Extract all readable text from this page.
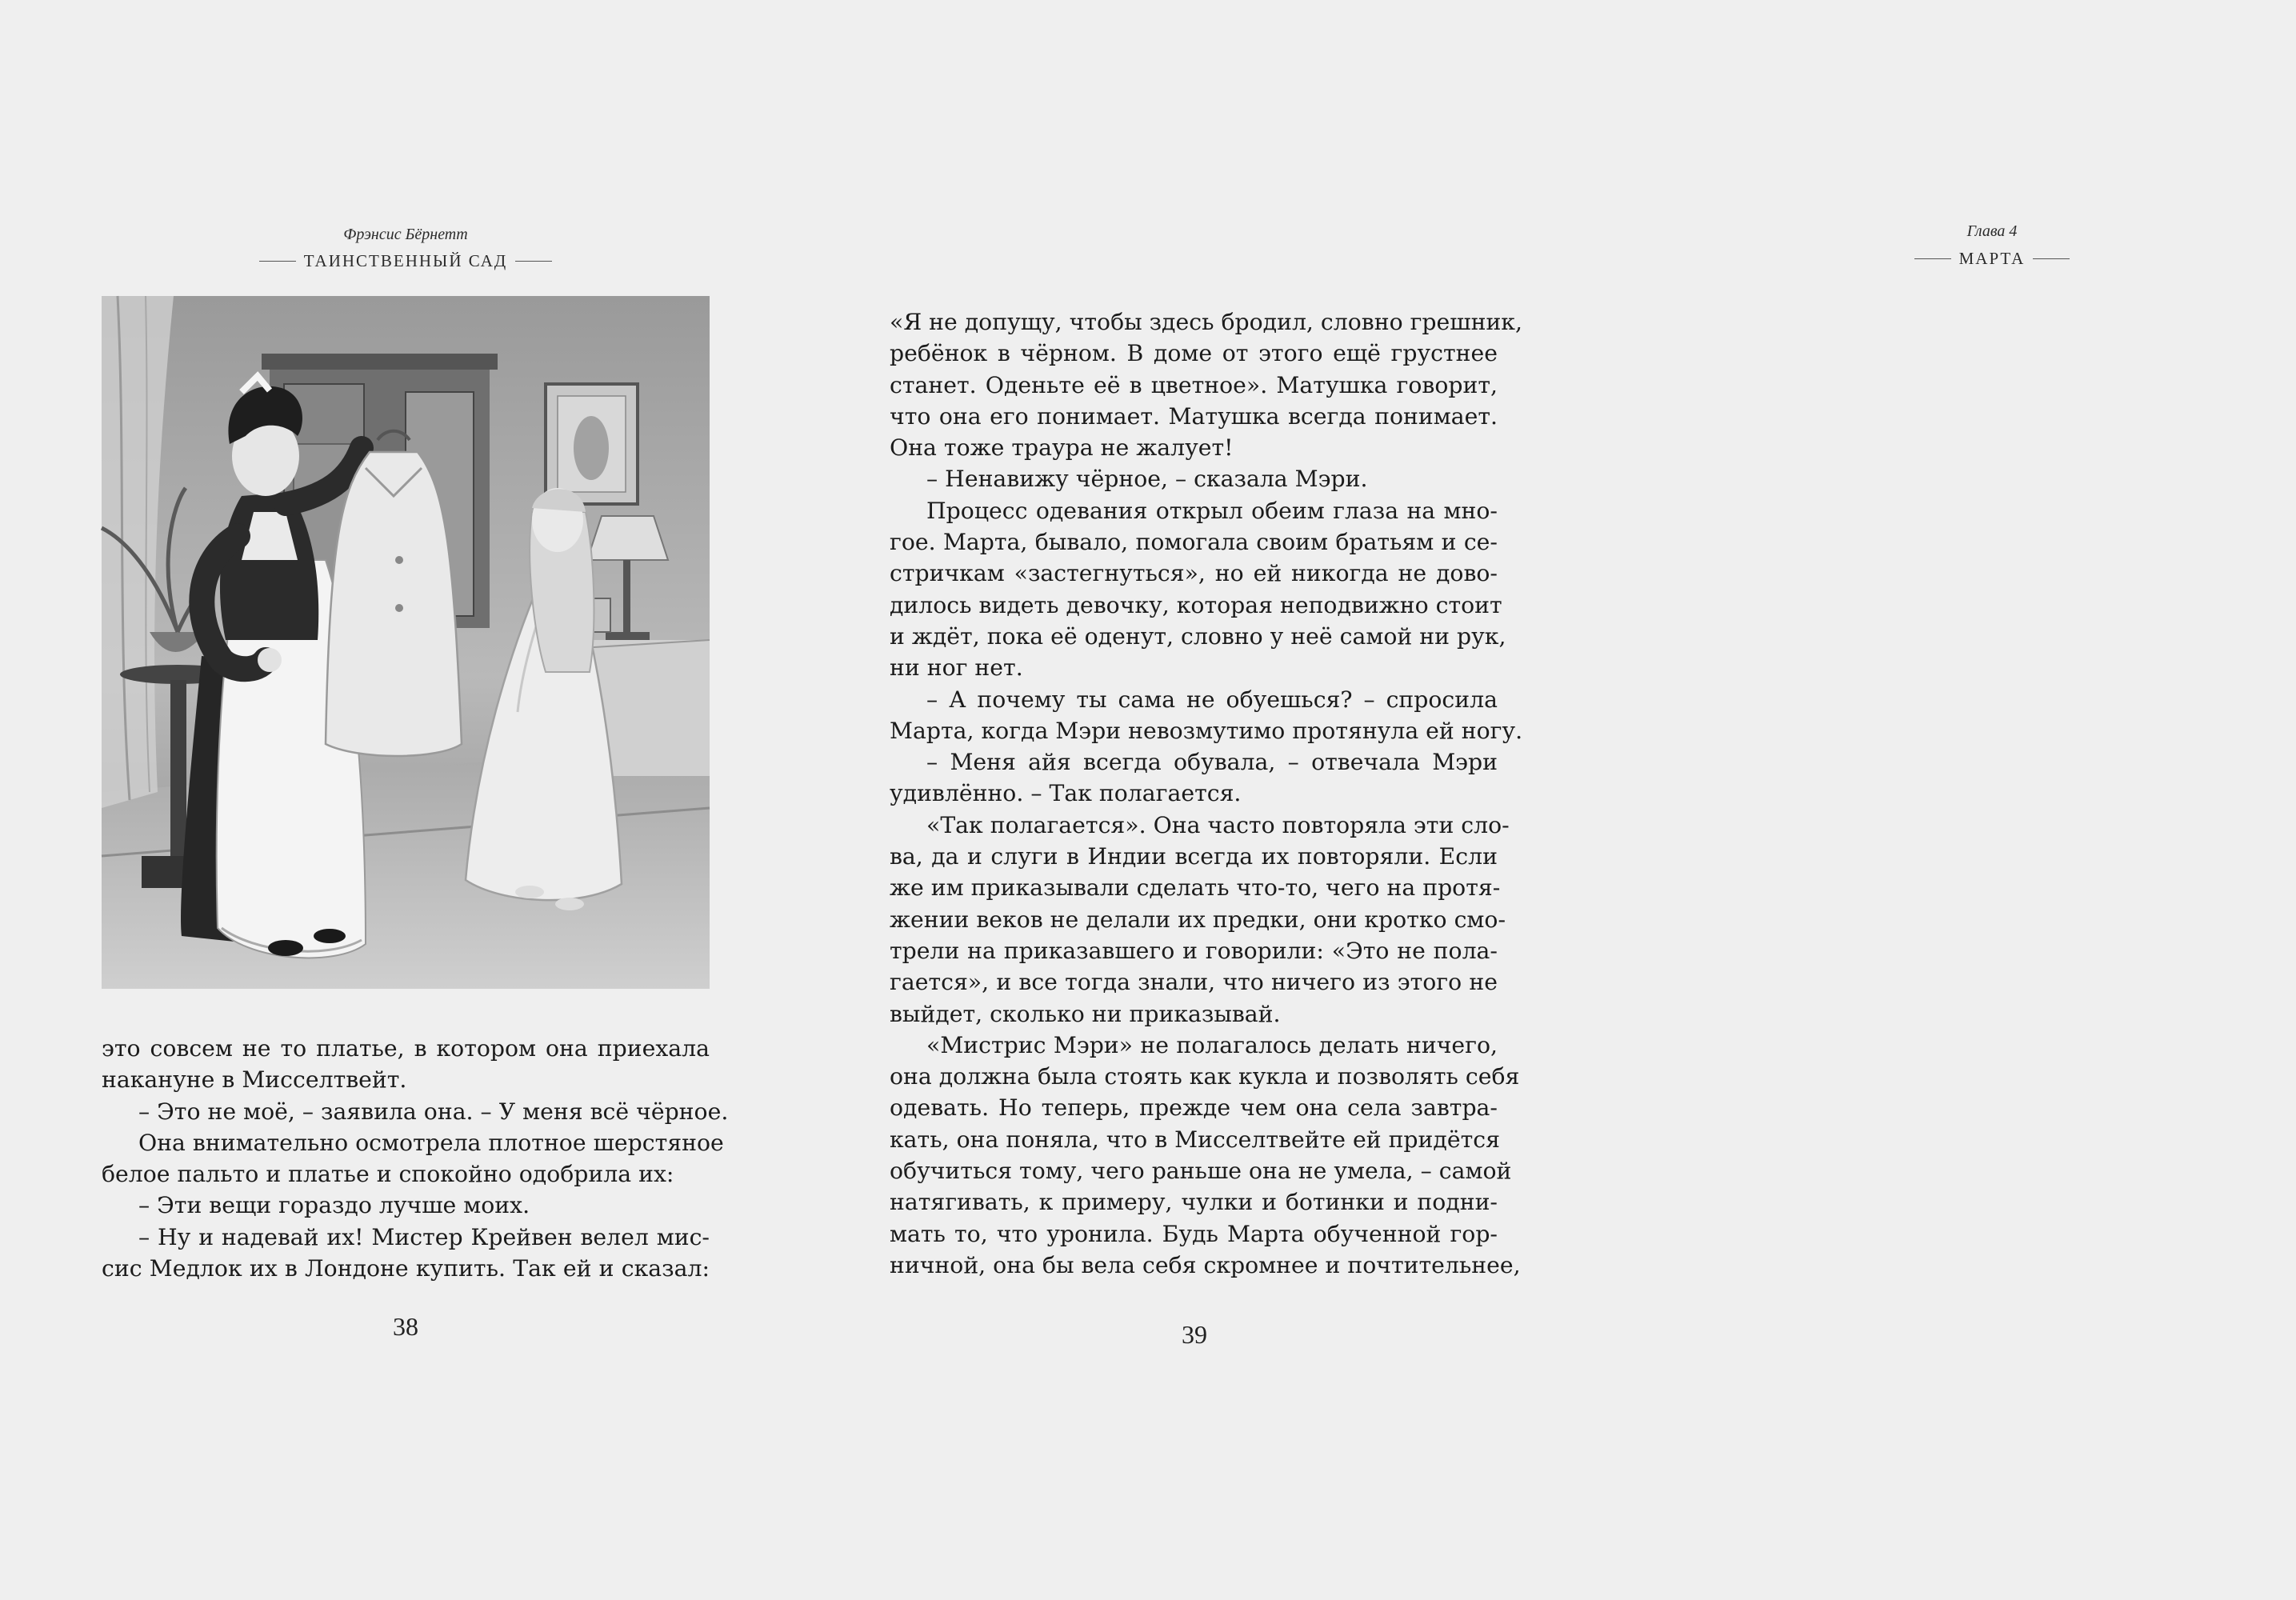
Фрэнсис Бёрнетт
ТАИНСТВЕННЫЙ САД
это совсем не то платье, в котором она приехала
накануне в Мисселтвейт.
– Это не моё, – заявила она. – У меня всё чёрное.
Она внимательно осмотрела плотное шерстяное
белое пальто и платье и спокойно одобрила их:
– Эти вещи гораздо лучше моих.
– Ну и надевай их! Мистер Крейвен велел мис-
сис Медлок их в Лондоне купить. Так ей и сказал:
38
Глава 4
МАРТА
«Я не допущу, чтобы здесь бродил, словно грешник,
ребёнок в чёрном. В доме от этого ещё грустнее
станет. Оденьте её в цветное». Матушка говорит,
что она его понимает. Матушка всегда понимает.
Она тоже траура не жалует!
– Ненавижу чёрное, – сказала Мэри.
Процесс одевания открыл обеим глаза на мно-
гое. Марта, бывало, помогала своим братьям и се-
стричкам «застегнуться», но ей никогда не дово-
дилось видеть девочку, которая неподвижно стоит
и ждёт, пока её оденут, словно у неё самой ни рук,
ни ног нет.
– А почему ты сама не обуешься? – спросила
Марта, когда Мэри невозмутимо протянула ей ногу.
– Меня айя всегда обувала, – отвечала Мэри
удивлённо. – Так полагается.
«Так полагается». Она часто повторяла эти сло-
ва, да и слуги в Индии всегда их повторяли. Если
же им приказывали сделать что-то, чего на протя-
жении веков не делали их предки, они кротко смо-
трели на приказавшего и говорили: «Это не пола-
гается», и все тогда знали, что ничего из этого не
выйдет, сколько ни приказывай.
«Мистрис Мэри» не полагалось делать ничего,
она должна была стоять как кукла и позволять себя
одевать. Но теперь, прежде чем она села завтра-
кать, она поняла, что в Мисселтвейте ей придётся
обучиться тому, чего раньше она не умела, – самой
натягивать, к примеру, чулки и ботинки и подни-
мать то, что уронила. Будь Марта обученной гор-
ничной, она бы вела себя скромнее и почтительнее,
39
